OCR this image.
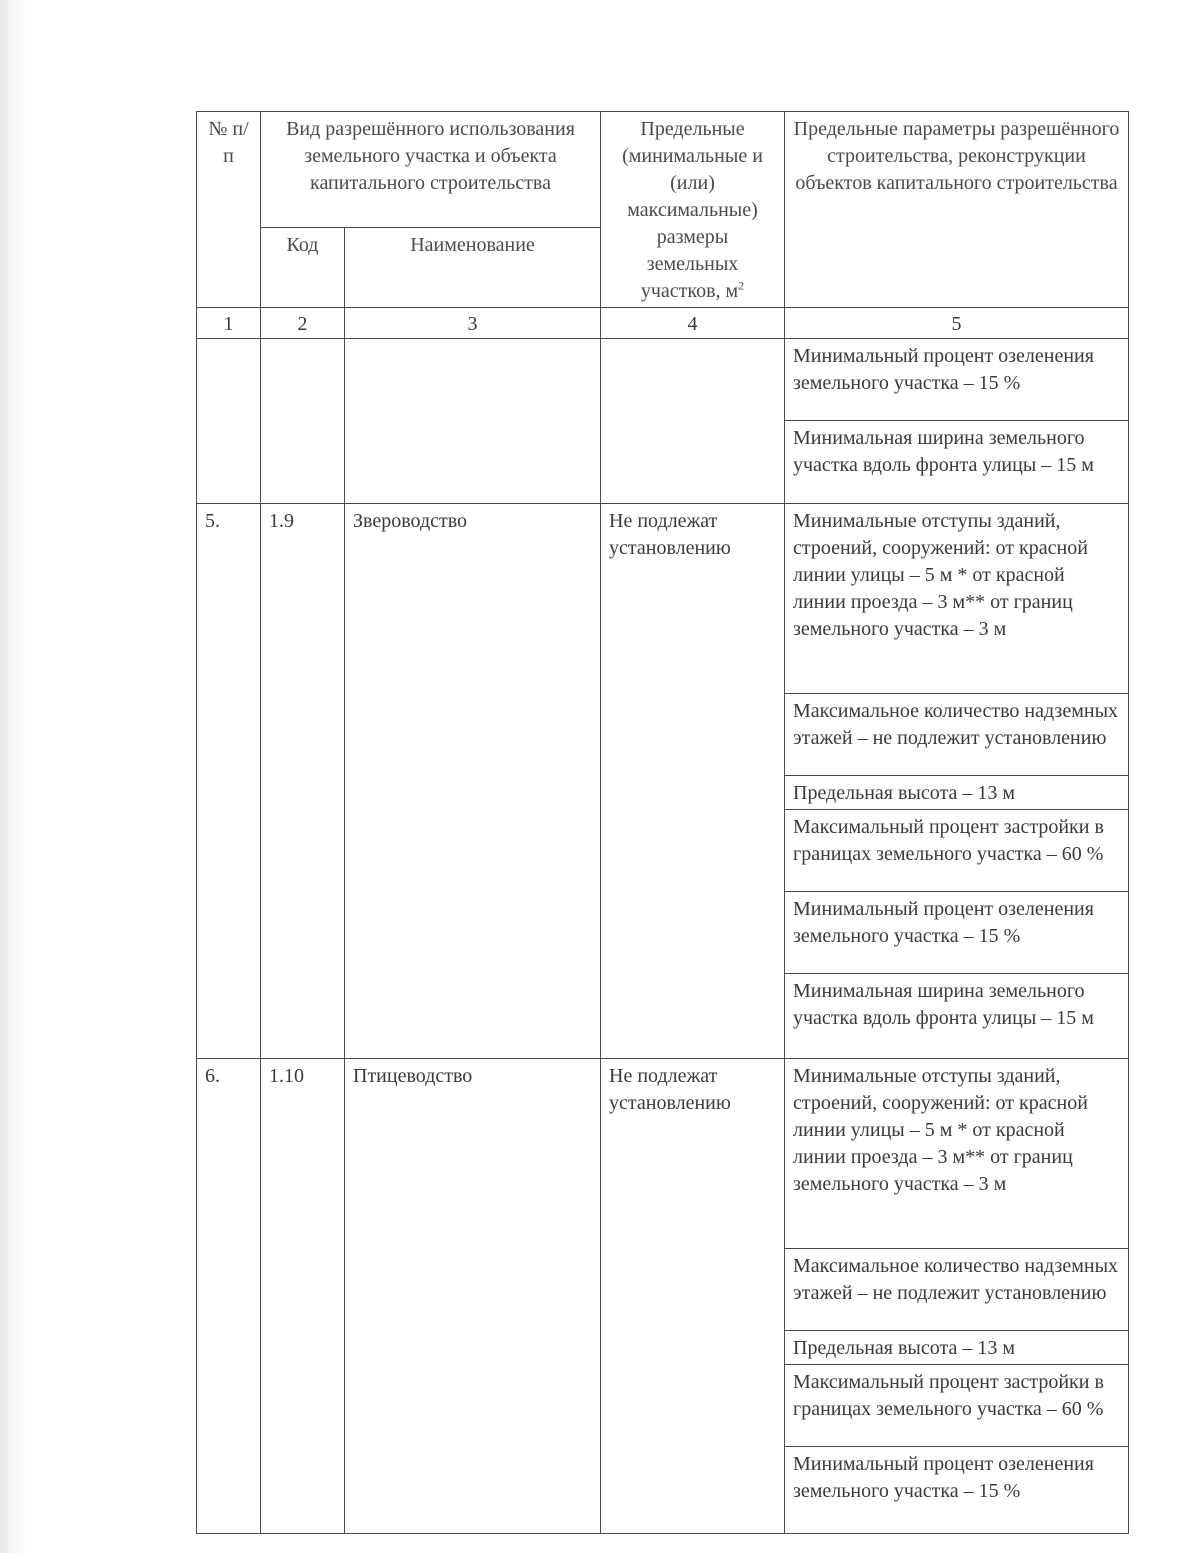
№ п/п	Вид разрешённого использования земельного участка и объекта капитального строительства		Предельные (минимальные и (или) максимальные) размеры земельных участков, $м^2$	Предельные параметры разрешённого строительства, реконструкции объектов капитального строительства
	Код	Наименование		
1	2	3	4	5
				Минимальный процент озеленения земельного участка – 15 %
				Минимальная ширина земельного участка вдоль фронта улицы – 15 м
5.	1.9	Звероводство	Не подлежат установлению	Минимальные отступы зданий, строений, сооружений: от красной линии улицы – 5 м * от красной линии проезда – 3 м** от границ земельного участка – 3 м
				Максимальное количество надземных этажей – не подлежит установлению
				Предельная высота – 13 м
				Максимальный процент застройки в границах земельного участка – 60 %
				Минимальный процент озеленения земельного участка – 15 %
				Минимальная ширина земельного участка вдоль фронта улицы – 15 м
6.	1.10	Птицеводство	Не подлежат установлению	Минимальные отступы зданий, строений, сооружений: от красной линии улицы – 5 м * от красной линии проезда – 3 м** от границ земельного участка – 3 м
				Максимальное количество надземных этажей – не подлежит установлению
				Предельная высота – 13 м
				Максимальный процент застройки в границах земельного участка – 60 %
				Минимальный процент озеленения земельного участка – 15 %
